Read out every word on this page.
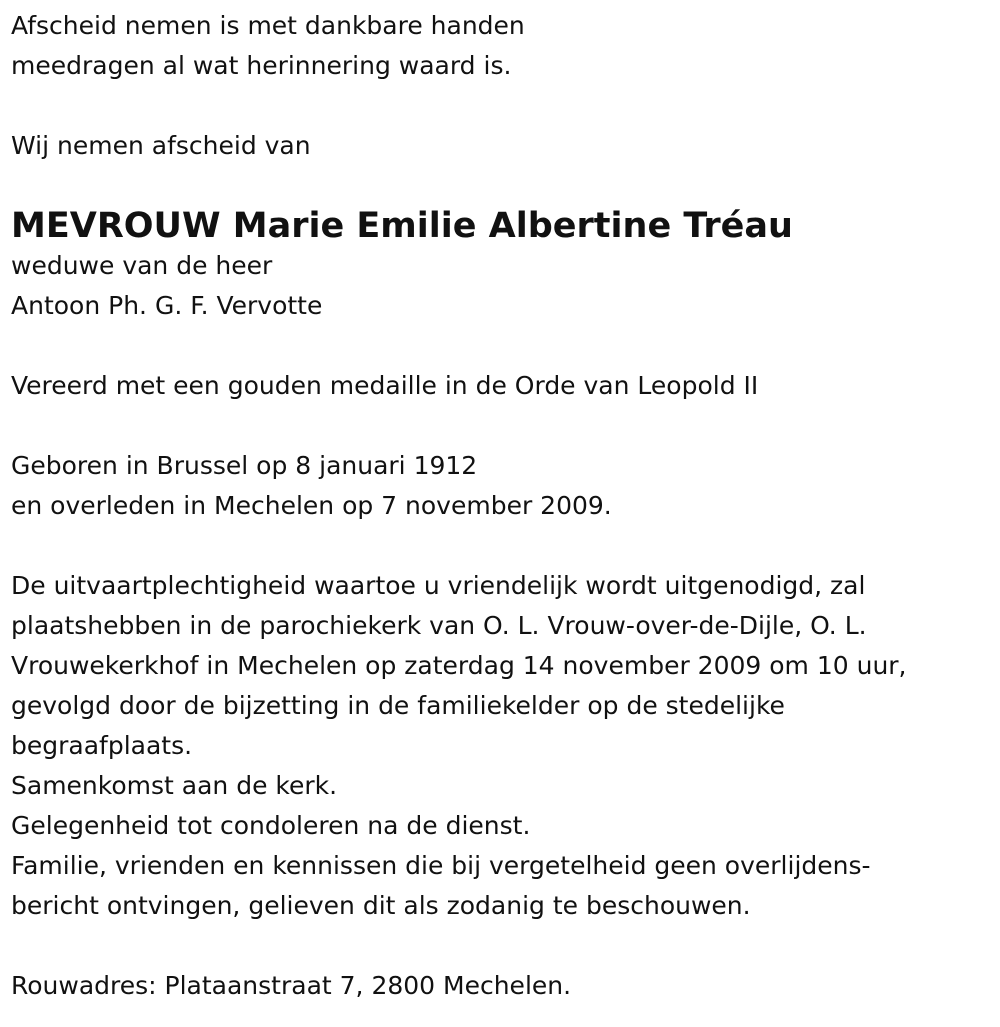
Afscheid nemen is met dankbare handen
meedragen al wat herinnering waard is.
Wij nemen afscheid van
MEVROUW Marie Emilie Albertine Tréau
weduwe van de heer
Antoon Ph. G. F. Vervotte
Vereerd met een gouden medaille in de Orde van Leopold II
Geboren in Brussel op 8 januari 1912
en overleden in Mechelen op 7 november 2009.
De uitvaartplechtigheid waartoe u vriendelijk wordt uitgenodigd, zal
plaatshebben in de parochiekerk van O. L. Vrouw-over-de-Dijle, O. L.
Vrouwekerkhof in Mechelen op zaterdag 14 november 2009 om 10 uur,
gevolgd door de bijzetting in de familiekelder op de stedelijke
begraafplaats.
Samenkomst aan de kerk.
Gelegenheid tot condoleren na de dienst.
Familie, vrienden en kennissen die bij vergetelheid geen overlijdens-
bericht ontvingen, gelieven dit als zodanig te beschouwen.
Rouwadres: Plataanstraat 7, 2800 Mechelen.
